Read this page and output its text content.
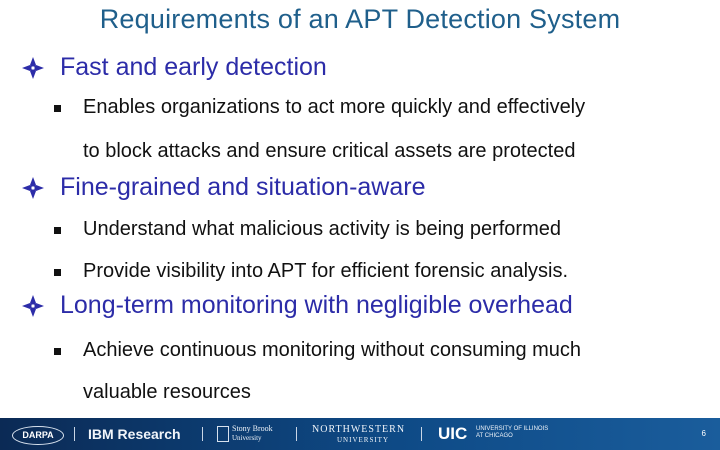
Requirements of an APT Detection System
Fast and early detection
Enables organizations to act more quickly and effectively
to block attacks and ensure critical assets are protected
Fine-grained and situation-aware
Understand what malicious activity is being performed
Provide visibility into APT for efficient forensic analysis.
Long-term monitoring with negligible overhead
Achieve continuous monitoring without consuming much
valuable resources
DARPA	IBM Research	Stony Brook
University
NORTHWESTERN
UNIVERSITY	UIC UNIVERSITY OF ILLINOIS
AT CHICAGO	6
